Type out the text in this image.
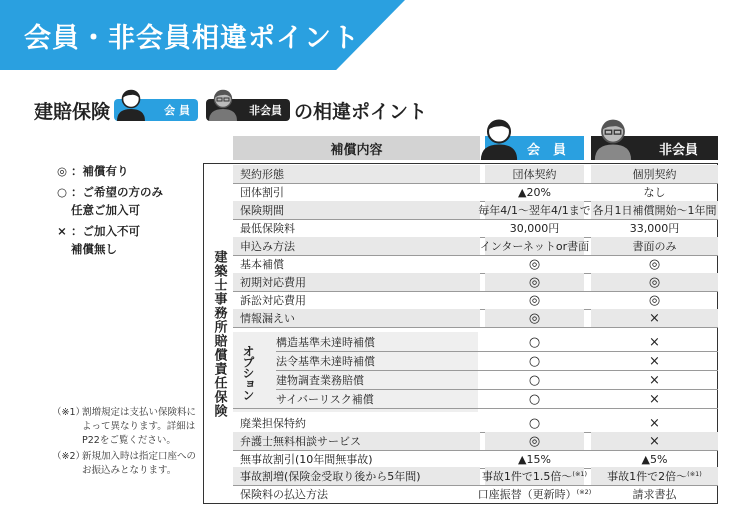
会員・非会員相違ポイント
建賠保険	会 員	非会員 の相違ポイント
◎ ：補償有り
○ ：ご希望の方のみ
任意ご加入可
× ：ご加入不可
補償無し
（※1）
割増規定は支払い保険料によって異なります。詳細はP22をご覧ください。
（※2）
新規加入時は指定口座へのお振込みとなります。
補償内容	会　員	非会員
建築士事務所賠償責任保険 オプション
契約形態	団体契約	個別契約
団体割引	▲20%	なし
保険期間	毎年4/1～翌年4/1まで 各月1日補償開始～1年間
最低保険料	30,000円	33,000円
申込み方法	インターネットor書面	書面のみ
基本補償	◎	◎
初期対応費用	◎	◎
訴訟対応費用	◎	◎
情報漏えい	◎	×
構造基準未達時補償	○	×
法令基準未達時補償	○	×
建物調査業務賠償	○	×
サイバーリスク補償	○	×
廃業担保特約	○	×
弁護士無料相談サービス	◎	×
無事故割引(10年間無事故)	▲15%	▲5%
事故割増(保険金受取り後から5年間)	事故1件で1.5倍～ (※1) 事故1件で2倍～ (※1)
保険料の払込方法	口座振替（更新時） (※2)	請求書払
